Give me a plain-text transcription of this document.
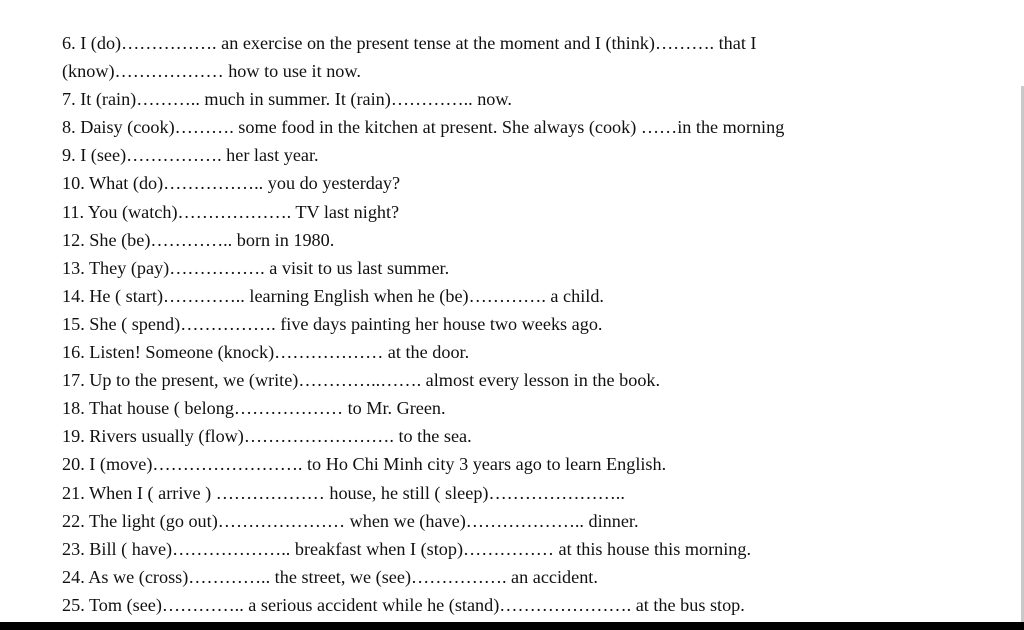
6. I (do)……………. an exercise on the present tense at the moment and I (think)………. that I
(know)……………… how to use it now.
7. It (rain)……….. much in summer. It (rain)………….. now.
8. Daisy (cook)………. some food in the kitchen at present. She always (cook) ……in the morning
9. I (see)……………. her last year.
10. What (do)…………….. you do yesterday?
11. You (watch)………………. TV last night?
12. She (be)………….. born in 1980.
13. They (pay)……………. a visit to us last summer.
14. He ( start)………….. learning English when he (be)…………. a child.
15. She ( spend)……………. five days painting her house two weeks ago.
16. Listen! Someone (knock)……………… at the door.
17. Up to the present, we (write)…………..……. almost every lesson in the book.
18. That house ( belong……………… to Mr. Green.
19. Rivers usually (flow)……………………. to the sea.
20. I (move)……………………. to Ho Chi Minh city 3 years ago to learn English.
21. When I ( arrive ) ……………… house, he still ( sleep)…………………..
22. The light (go out)………………… when we (have)……………….. dinner.
23. Bill ( have)……………….. breakfast when I (stop)…………… at this house this morning.
24. As we (cross)………….. the street, we (see)……………. an accident.
25. Tom (see)………….. a serious accident while he (stand)…………………. at the bus stop.
